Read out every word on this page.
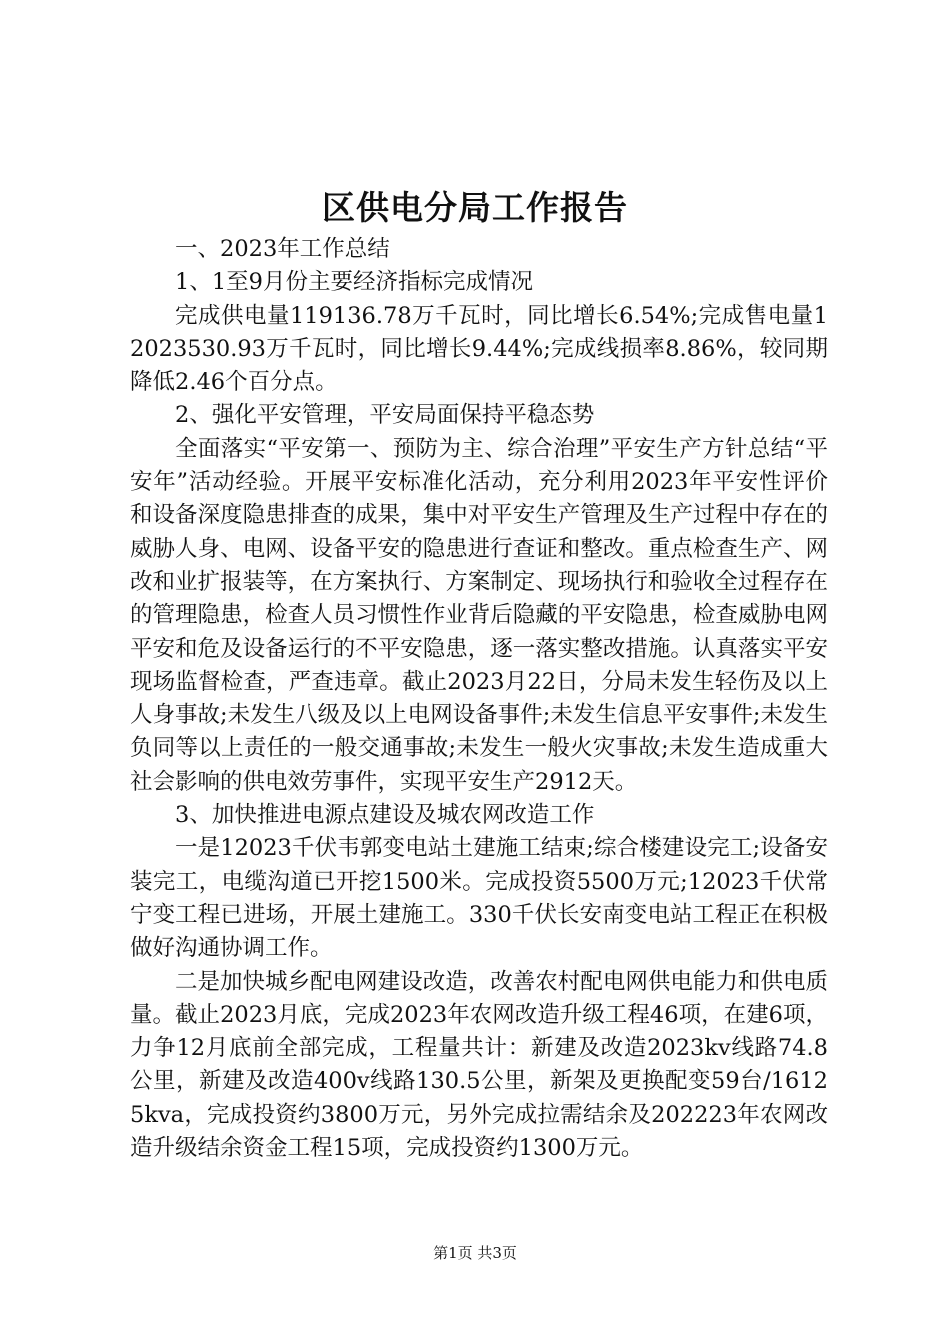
区供电分局工作报告

一、2023年工作总结

1、1至9月份主要经济指标完成情况

完成供电量119136.78万千瓦时，同比增长6.54%;完成售电量12023530.93万千瓦时，同比增长9.44%;完成线损率8.86%，较同期降低2.46个百分点。

2、强化平安管理，平安局面保持平稳态势

全面落实“平安第一、预防为主、综合治理”平安生产方针总结“平安年”活动经验。开展平安标准化活动，充分利用2023年平安性评价和设备深度隐患排查的成果，集中对平安生产管理及生产过程中存在的威胁人身、电网、设备平安的隐患进行查证和整改。重点检查生产、网改和业扩报装等，在方案执行、方案制定、现场执行和验收全过程存在的管理隐患，检查人员习惯性作业背后隐藏的平安隐患，检查威胁电网平安和危及设备运行的不平安隐患，逐一落实整改措施。认真落实平安现场监督检查，严查违章。截止2023月22日，分局未发生轻伤及以上人身事故;未发生八级及以上电网设备事件;未发生信息平安事件;未发生负同等以上责任的一般交通事故;未发生一般火灾事故;未发生造成重大社会影响的供电效劳事件，实现平安生产2912天。

3、加快推进电源点建设及城农网改造工作

一是12023千伏韦郭变电站土建施工结束;综合楼建设完工;设备安装完工，电缆沟道已开挖1500米。完成投资5500万元;12023千伏常宁变工程已进场，开展土建施工。330千伏长安南变电站工程正在积极做好沟通协调工作。

二是加快城乡配电网建设改造，改善农村配电网供电能力和供电质量。截止2023月底，完成2023年农网改造升级工程46项，在建6项，力争12月底前全部完成，工程量共计：新建及改造2023kv线路74.8公里，新建及改造400v线路130.5公里，新架及更换配变59台/16125kva，完成投资约3800万元，另外完成拉需结余及202223年农网改造升级结余资金工程15项，完成投资约1300万元。

第1页 共3页
